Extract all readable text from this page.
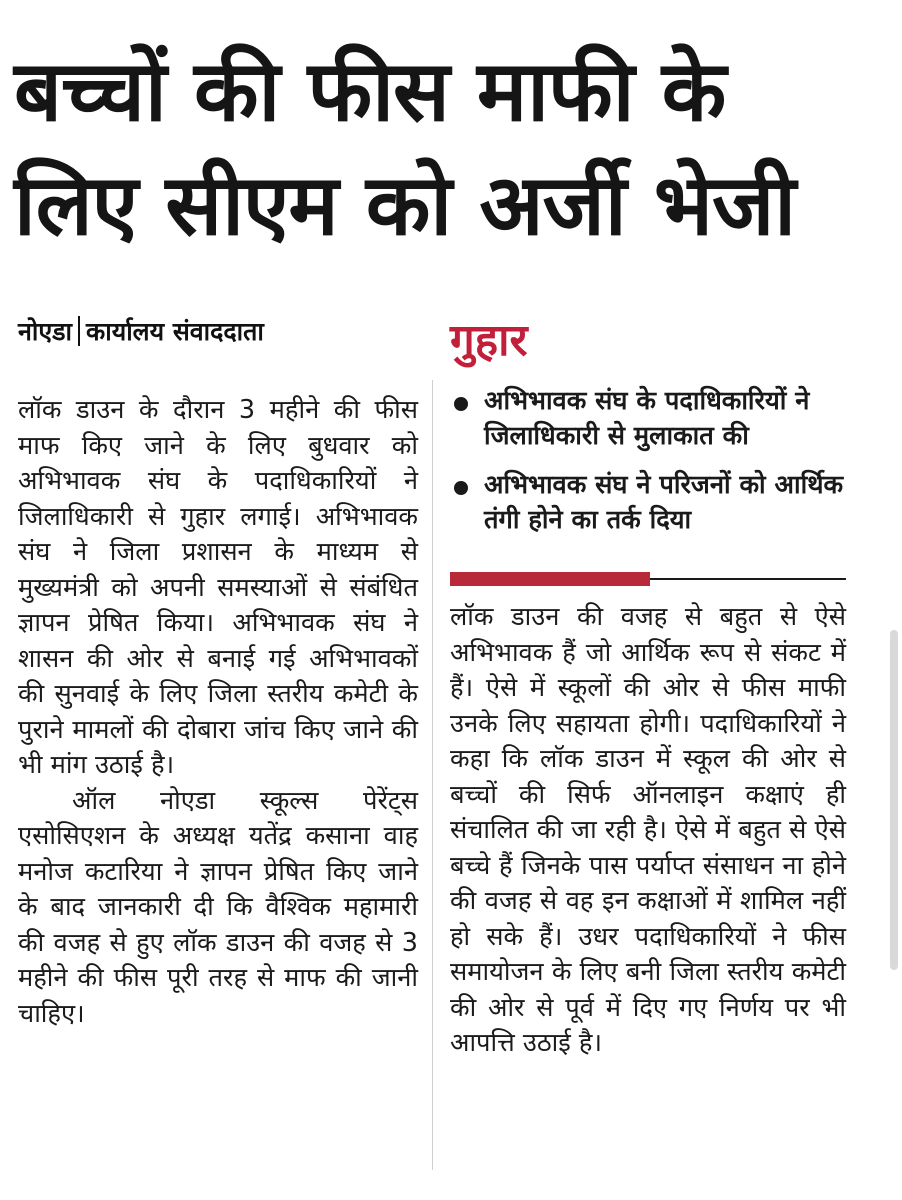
बच्चों की फीस माफी के
लिए सीएम को अर्जी भेजी
नोएडा कार्यालय संवाददाता

लॉक डाउन के दौरान 3 महीने की फीस माफ किए जाने के लिए बुधवार को अभिभावक संघ के पदाधिकारियों ने जिलाधिकारी से गुहार लगाई। अभिभावक संघ ने जिला प्रशासन के माध्यम से मुख्यमंत्री को अपनी समस्याओं से संबंधित ज्ञापन प्रेषित किया। अभिभावक संघ ने शासन की ओर से बनाई गई अभिभावकों की सुनवाई के लिए जिला स्तरीय कमेटी के पुराने मामलों की दोबारा जांच किए जाने की भी मांग उठाई है।

ऑल नोएडा स्कूल्स पेरेंट्स एसोसिएशन के अध्यक्ष यतेंद्र कसाना वाह मनोज कटारिया ने ज्ञापन प्रेषित किए जाने के बाद जानकारी दी कि वैश्विक महामारी की वजह से हुए लॉक डाउन की वजह से 3 महीने की फीस पूरी तरह से माफ की जानी चाहिए।

गुहार
अभिभावक संघ के पदाधिकारियों ने जिलाधिकारी से मुलाकात की
अभिभावक संघ ने परिजनों को आर्थिक तंगी होने का तर्क दिया

लॉक डाउन की वजह से बहुत से ऐसे अभिभावक हैं जो आर्थिक रूप से संकट में हैं। ऐसे में स्कूलों की ओर से फीस माफी उनके लिए सहायता होगी। पदाधिकारियों ने कहा कि लॉक डाउन में स्कूल की ओर से बच्चों की सिर्फ ऑनलाइन कक्षाएं ही संचालित की जा रही है। ऐसे में बहुत से ऐसे बच्चे हैं जिनके पास पर्याप्त संसाधन ना होने की वजह से वह इन कक्षाओं में शामिल नहीं हो सके हैं। उधर पदाधिकारियों ने फीस समायोजन के लिए बनी जिला स्तरीय कमेटी की ओर से पूर्व में दिए गए निर्णय पर भी आपत्ति उठाई है।
